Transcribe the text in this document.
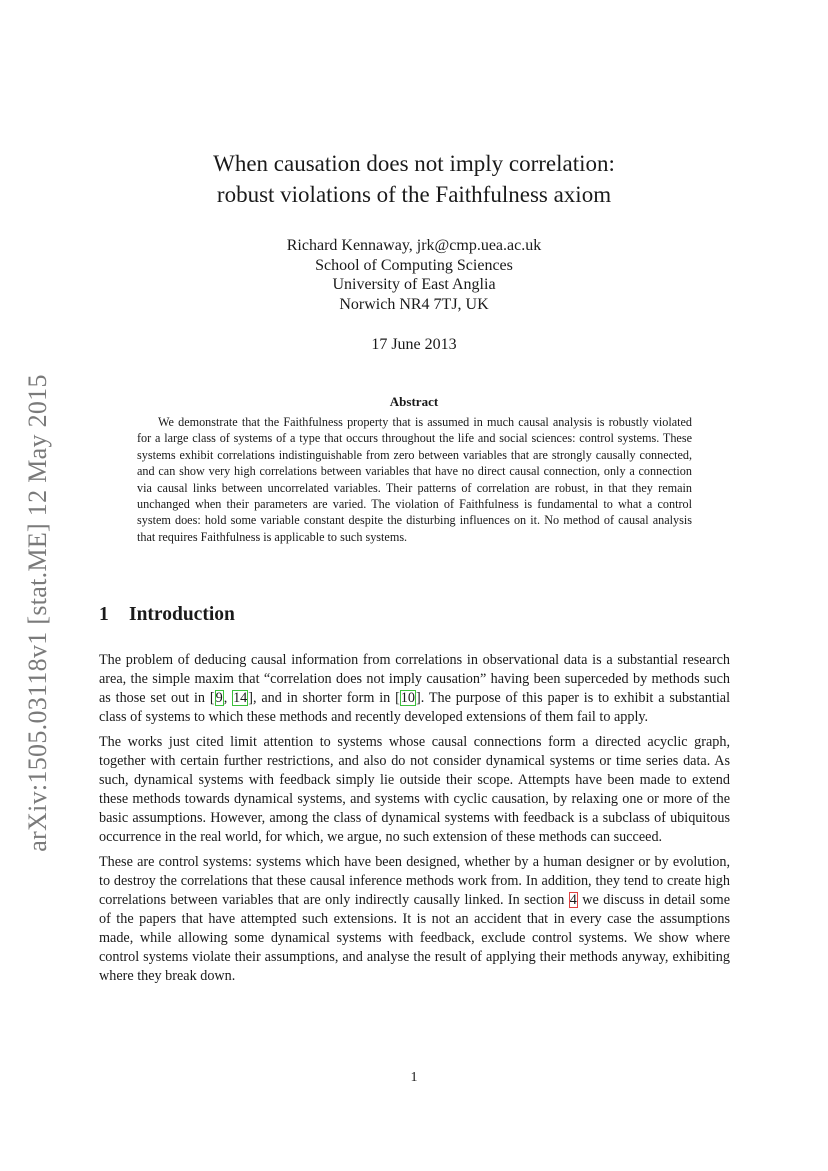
arXiv:1505.03118v1 [stat.ME] 12 May 2015
When causation does not imply correlation:
robust violations of the Faithfulness axiom
Richard Kennaway, jrk@cmp.uea.ac.uk
School of Computing Sciences
University of East Anglia
Norwich NR4 7TJ, UK
17 June 2013
Abstract

We demonstrate that the Faithfulness property that is assumed in much causal analysis is robustly violated for a large class of systems of a type that occurs throughout the life and social sciences: control systems. These systems exhibit correlations indistinguishable from zero between variables that are strongly causally connected, and can show very high correlations between variables that have no direct causal connection, only a connection via causal links between uncorrelated variables. Their patterns of correlation are robust, in that they remain unchanged when their parameters are varied. The violation of Faithfulness is fundamental to what a control system does: hold some variable constant despite the disturbing influences on it. No method of causal analysis that requires Faithfulness is applicable to such systems.

1 Introduction

The problem of deducing causal information from correlations in observational data is a substantial research area, the simple maxim that “correlation does not imply causation” having been superceded by methods such as those set out in [9, 14], and in shorter form in [10]. The purpose of this paper is to exhibit a substantial class of systems to which these methods and recently developed extensions of them fail to apply.

The works just cited limit attention to systems whose causal connections form a directed acyclic graph, together with certain further restrictions, and also do not consider dynamical systems or time series data. As such, dynamical systems with feedback simply lie outside their scope. Attempts have been made to extend these methods towards dynamical systems, and systems with cyclic causation, by relaxing one or more of the basic assumptions. However, among the class of dynamical systems with feedback is a subclass of ubiquitous occurrence in the real world, for which, we argue, no such extension of these methods can succeed.

These are control systems: systems which have been designed, whether by a human designer or by evolution, to destroy the correlations that these causal inference methods work from. In addition, they tend to create high correlations between variables that are only indirectly causally linked. In section 4 we discuss in detail some of the papers that have attempted such extensions. It is not an accident that in every case the assumptions made, while allowing some dynamical systems with feedback, exclude control systems. We show where control systems violate their assumptions, and analyse the result of applying their methods anyway, exhibiting where they break down.

1
